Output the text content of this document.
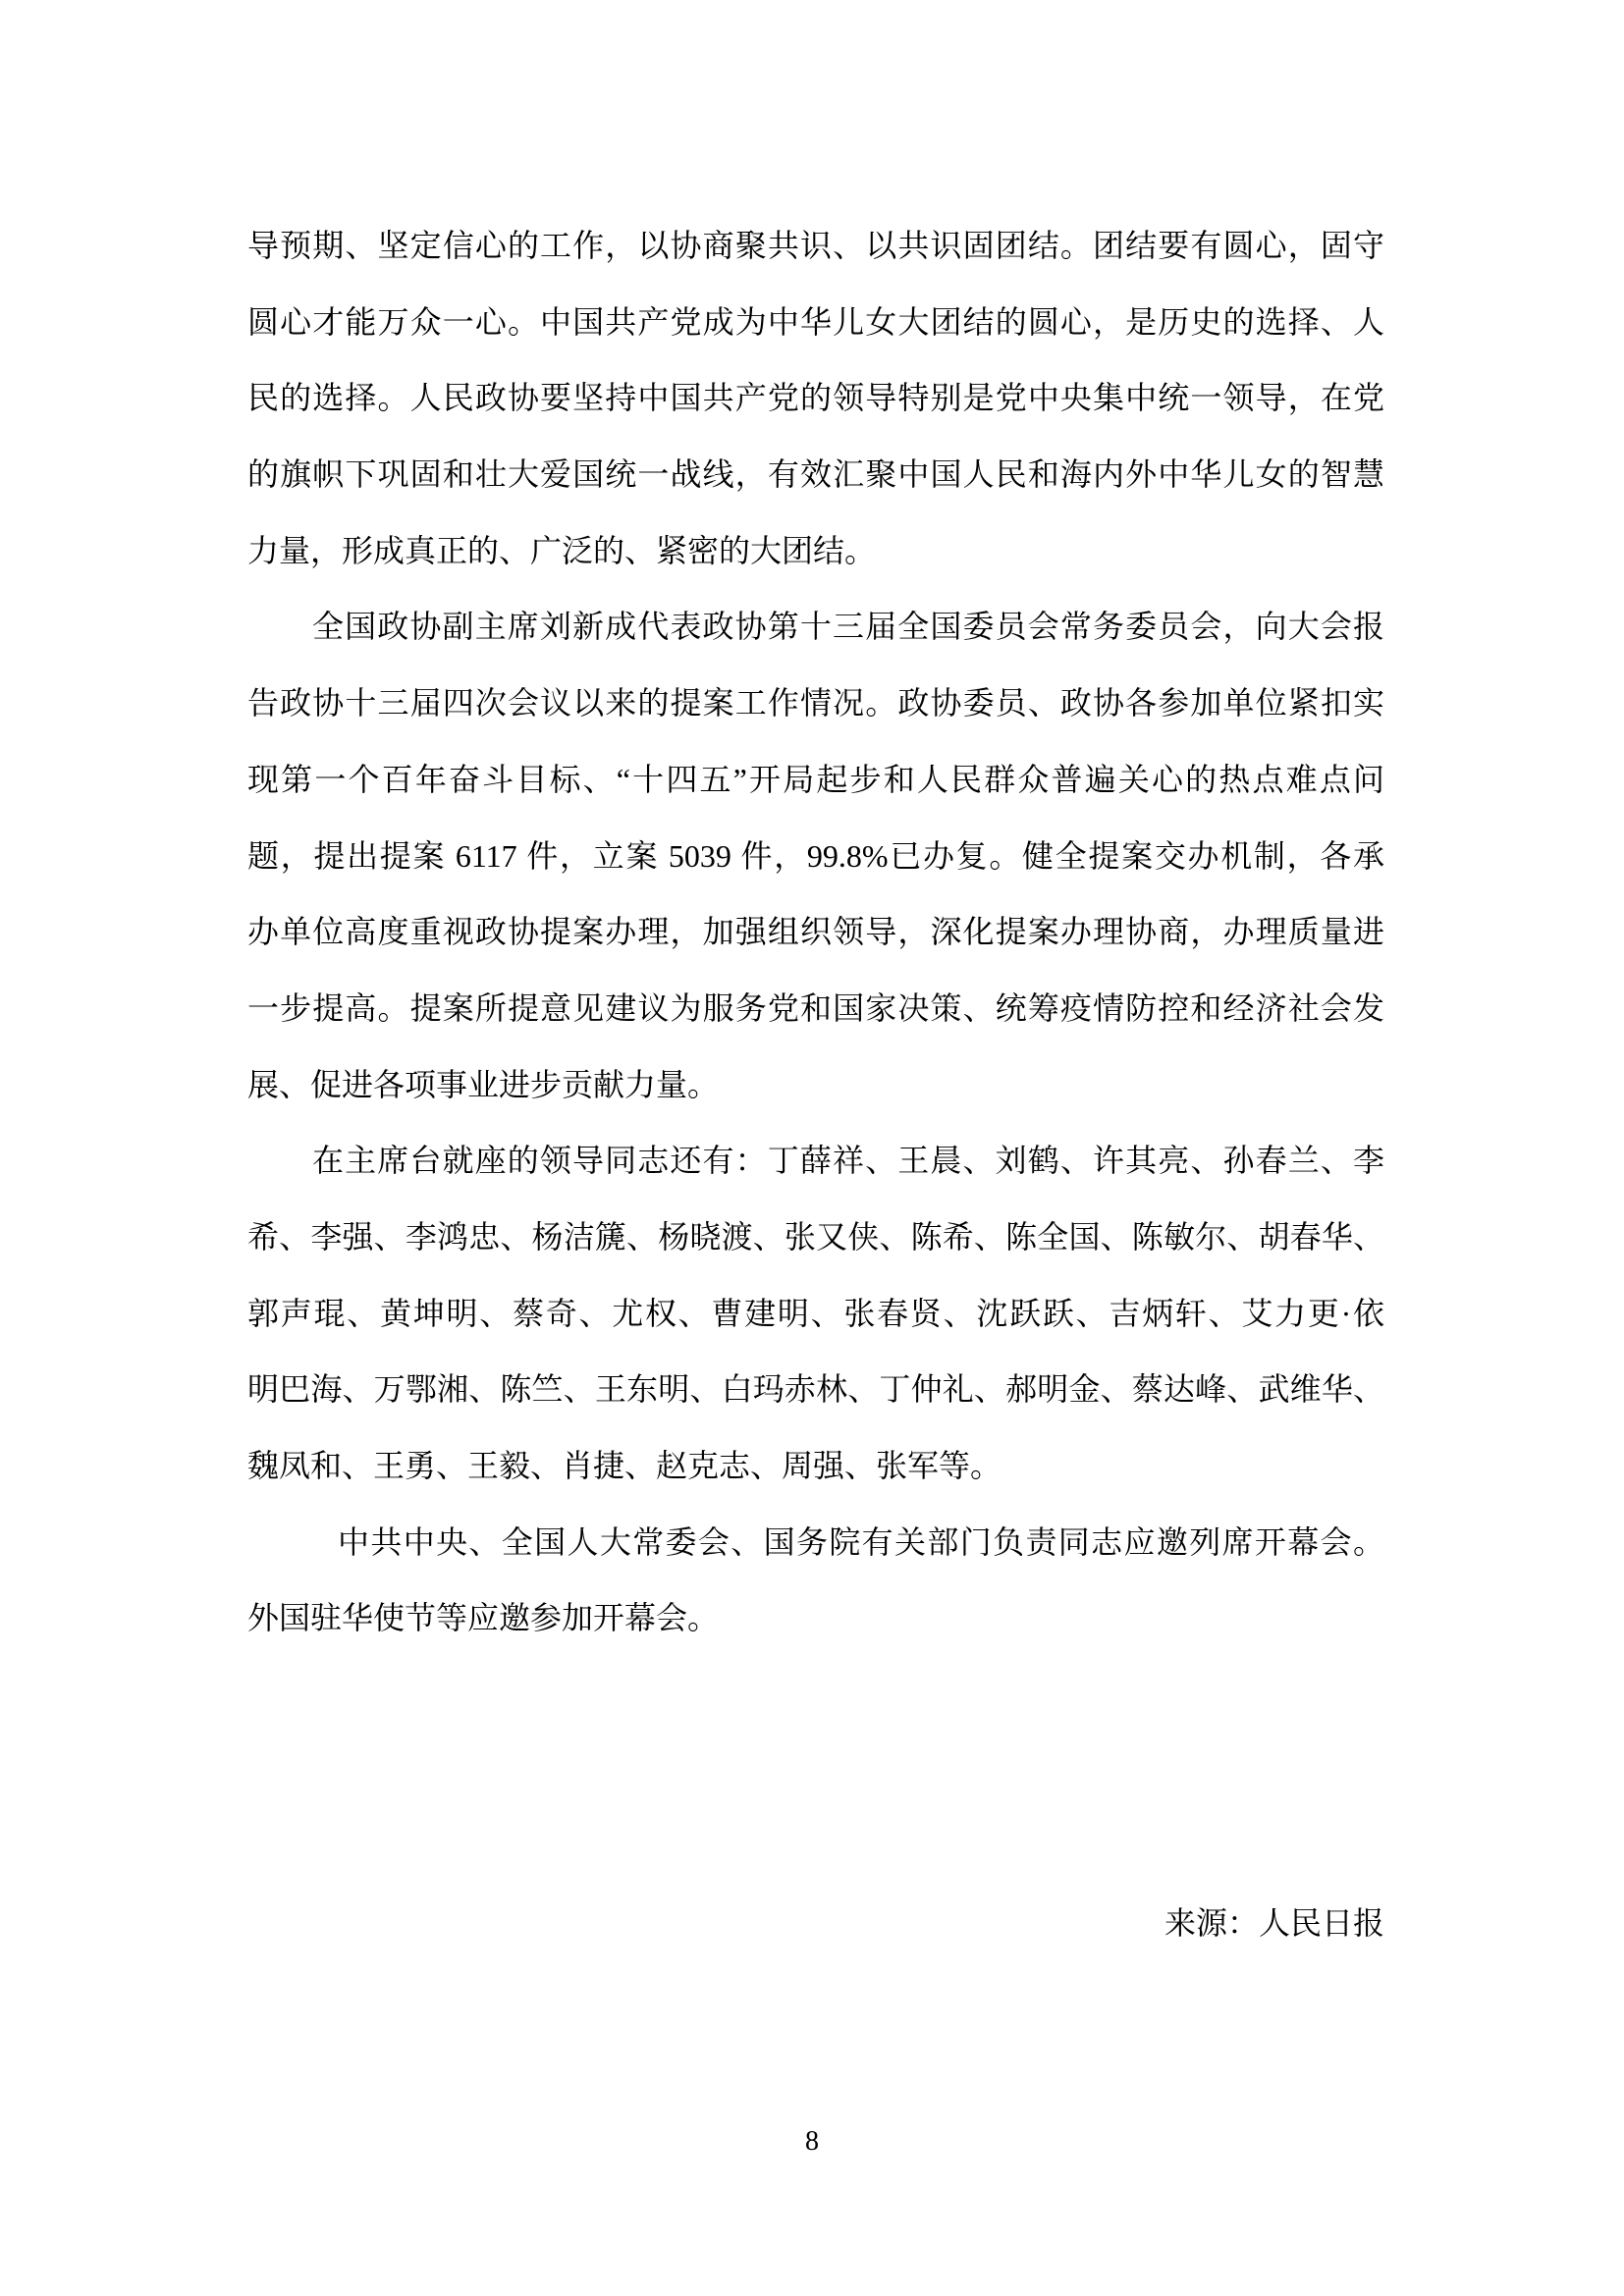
导预期、坚定信心的工作，以协商聚共识、以共识固团结。团结要有圆心，固守
圆心才能万众一心。中国共产党成为中华儿女大团结的圆心，是历史的选择、人
民的选择。人民政协要坚持中国共产党的领导特别是党中央集中统一领导，在党
的旗帜下巩固和壮大爱国统一战线，有效汇聚中国人民和海内外中华儿女的智慧
力量，形成真正的、广泛的、紧密的大团结。
全国政协副主席刘新成代表政协第十三届全国委员会常务委员会，向大会报
告政协十三届四次会议以来的提案工作情况。政协委员、政协各参加单位紧扣实
现第一个百年奋斗目标、“十四五”开局起步和人民群众普遍关心的热点难点问
题，提出提案 6117 件，立案 5039 件，99.8%已办复。健全提案交办机制，各承
办单位高度重视政协提案办理，加强组织领导，深化提案办理协商，办理质量进
一步提高。提案所提意见建议为服务党和国家决策、统筹疫情防控和经济社会发
展、促进各项事业进步贡献力量。
在主席台就座的领导同志还有：丁薛祥、王晨、刘鹤、许其亮、孙春兰、李
希、李强、李鸿忠、杨洁篪、杨晓渡、张又侠、陈希、陈全国、陈敏尔、胡春华、
郭声琨、黄坤明、蔡奇、尤权、曹建明、张春贤、沈跃跃、吉炳轩、艾力更·依
明巴海、万鄂湘、陈竺、王东明、白玛赤林、丁仲礼、郝明金、蔡达峰、武维华、
魏凤和、王勇、王毅、肖捷、赵克志、周强、张军等。
中共中央、全国人大常委会、国务院有关部门负责同志应邀列席开幕会。
外国驻华使节等应邀参加开幕会。
来源：人民日报
8
